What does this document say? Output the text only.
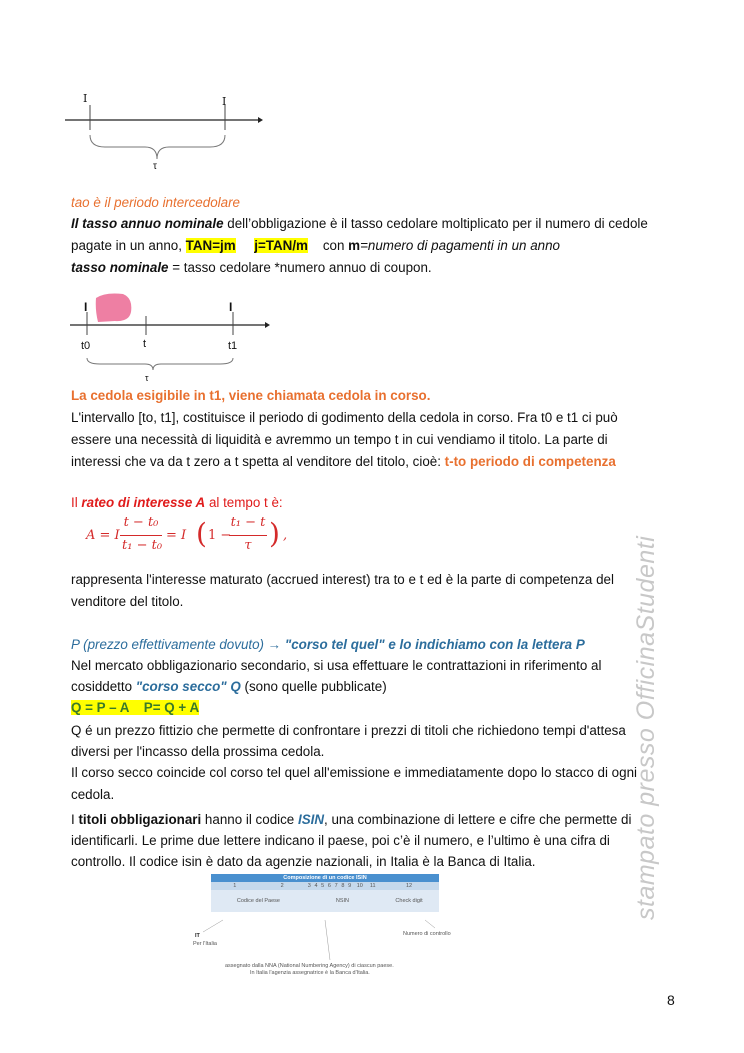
I	I
τ
tao è il periodo intercedolare
Il tasso annuo nominale dell’obbligazione è il tasso cedolare moltiplicato per il numero di cedole
pagate in un anno, TAN=jm j=TAN/m con m=numero di pagamenti in un anno
tasso nominale = tasso cedolare *numero annuo di coupon.
I	I
t0	t	t1
τ
La cedola esigibile in t1, viene chiamata cedola in corso.
L'intervallo [to, t1], costituisce il periodo di godimento della cedola in corso. Fra t0 e t1 ci può
essere una necessità di liquidità e avremmo un tempo t in cui vendiamo il titolo. La parte di
interessi che va da t zero a t spetta al venditore del titolo, cioè: t-to periodo di competenza
Il rateo di interesse A al tempo t è:
A = I
t − t₀
t₁ − t₀
= I ( 1 −
t₁ − t
τ ) ,
rappresenta l'interesse maturato (accrued interest) tra to e t ed è la parte di competenza del
venditore del titolo.
P (prezzo effettivamente dovuto) → "corso tel quel" e lo indichiamo con la lettera P
Nel mercato obbligazionario secondario, si usa effettuare le contrattazioni in riferimento al
cosiddetto "corso secco" Q (sono quelle pubblicate)
Q = P – A    P= Q + A
Q é un prezzo fittizio che permette di confrontare i prezzi di titoli che richiedono tempi d'attesa
diversi per l'incasso della prossima cedola.
Il corso secco coincide col corso tel quel all'emissione e immediatamente dopo lo stacco di ogni
cedola.
I titoli obbligazionari hanno il codice ISIN, una combinazione di lettere e cifre che permette di
identificarli. Le prime due lettere indicano il paese, poi c’è il numero, e l’ultimo è una cifra di
controllo. Il codice isin è dato da agenzie nazionali, in Italia è la Banca di Italia.
Composizione di un codice ISIN											
1	2	3	4	5	6	7	8	9	10	11	12
Codice del Paese		NSIN									Check digit
IT
Per l'Italia
Numero di controllo
assegnato dalla NNA (National Numbering Agency) di ciascun paese.
In Italia l'agenzia assegnatrice è la Banca d'Italia.
stampato presso OfficinaStudenti
8
